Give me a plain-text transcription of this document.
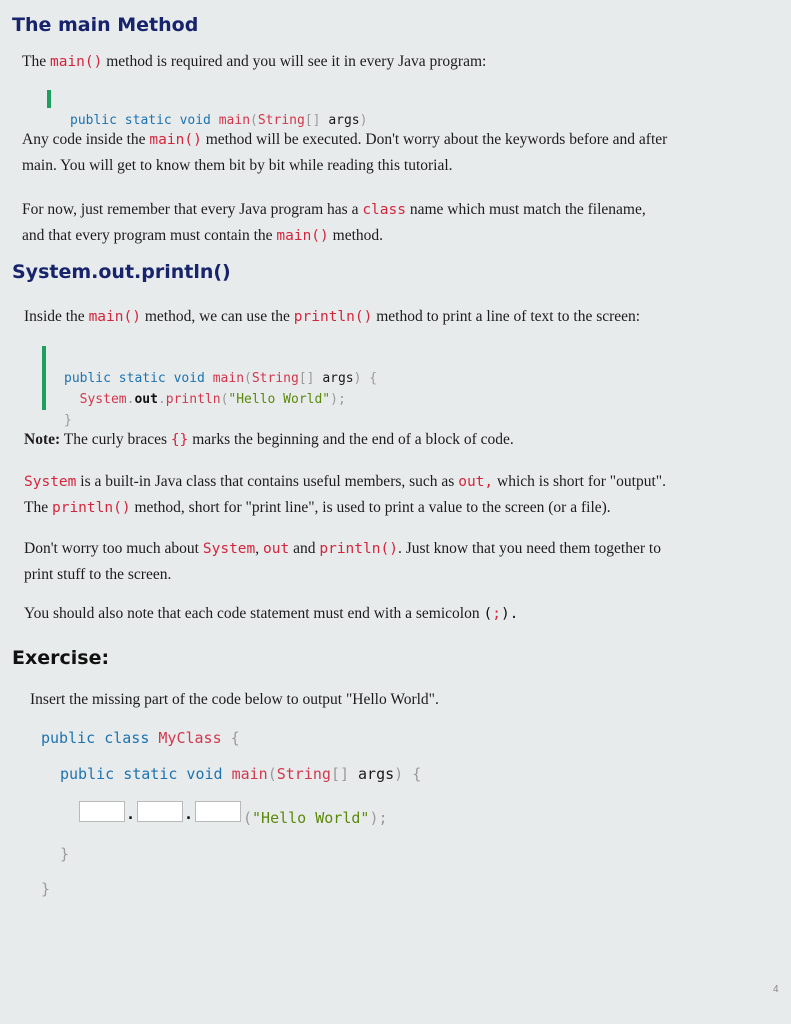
The main Method

The main() method is required and you will see it in every Java program:

public static void main(String[] args)

Any code inside the main() method will be executed. Don't worry about the keywords before and after
main. You will get to know them bit by bit while reading this tutorial.

For now, just remember that every Java program has a class name which must match the filename,
and that every program must contain the main() method.

System.out.println()

Inside the main() method, we can use the println() method to print a line of text to the screen:

public static void main(String[] args) {
System.out.println("Hello World");
}

Note: The curly braces {} marks the beginning and the end of a block of code.

System is a built-in Java class that contains useful members, such as out, which is short for "output".
The println() method, short for "print line", is used to print a value to the screen (or a file).

Don't worry too much about System, out and println(). Just know that you need them together to
print stuff to the screen.

You should also note that each code statement must end with a semicolon (;).

Exercise:

Insert the missing part of the code below to output "Hello World".

public class MyClass {
public static void main(String[] args) {
.	.	("Hello World");
}
}
4
